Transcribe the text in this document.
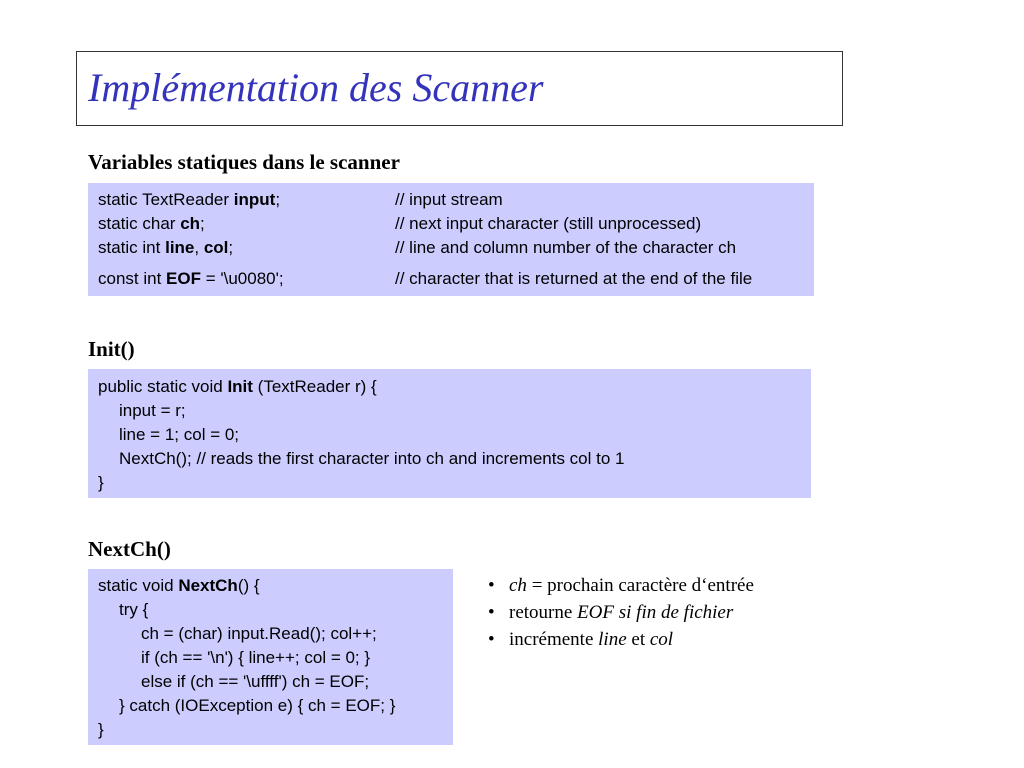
Implémentation des Scanner
Variables statiques dans le scanner
static TextReader input;	// input stream
static char ch;	// next input character (still unprocessed)
static int line, col;	// line and column number of the character ch
const int EOF = '\u0080';	// character that is returned at the end of the file
Init()
public static void Init (TextReader r) {
input = r;
line = 1; col = 0;
NextCh(); // reads the first character into ch and increments col to 1
}
NextCh()
static void NextCh() {
try {
ch = (char) input.Read(); col++;
if (ch == '\n') { line++; col = 0; }
else if (ch == '\uffff') ch = EOF;
} catch (IOException e) { ch = EOF; }
}
• ch = prochain caractère d‘entrée
• retourne EOF si fin de fichier
• incrémente line et col
